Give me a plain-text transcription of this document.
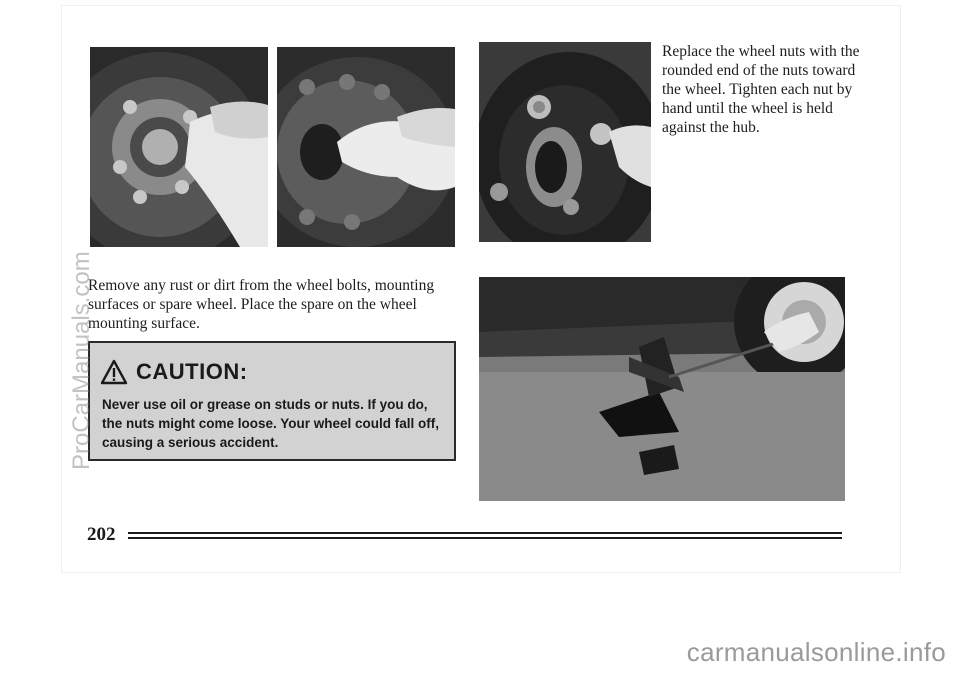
Replace the wheel nuts with the rounded end of the nuts toward the wheel. Tighten each nut by hand until the wheel is held against the hub.
Remove any rust or dirt from the wheel bolts, mounting surfaces or spare wheel. Place the spare on the wheel mounting surface.
CAUTION:
Never use oil or grease on studs or nuts. If you do, the nuts might come loose. Your wheel could fall off, causing a serious accident.
202
ProCarManuals.com
carmanualsonline.info
